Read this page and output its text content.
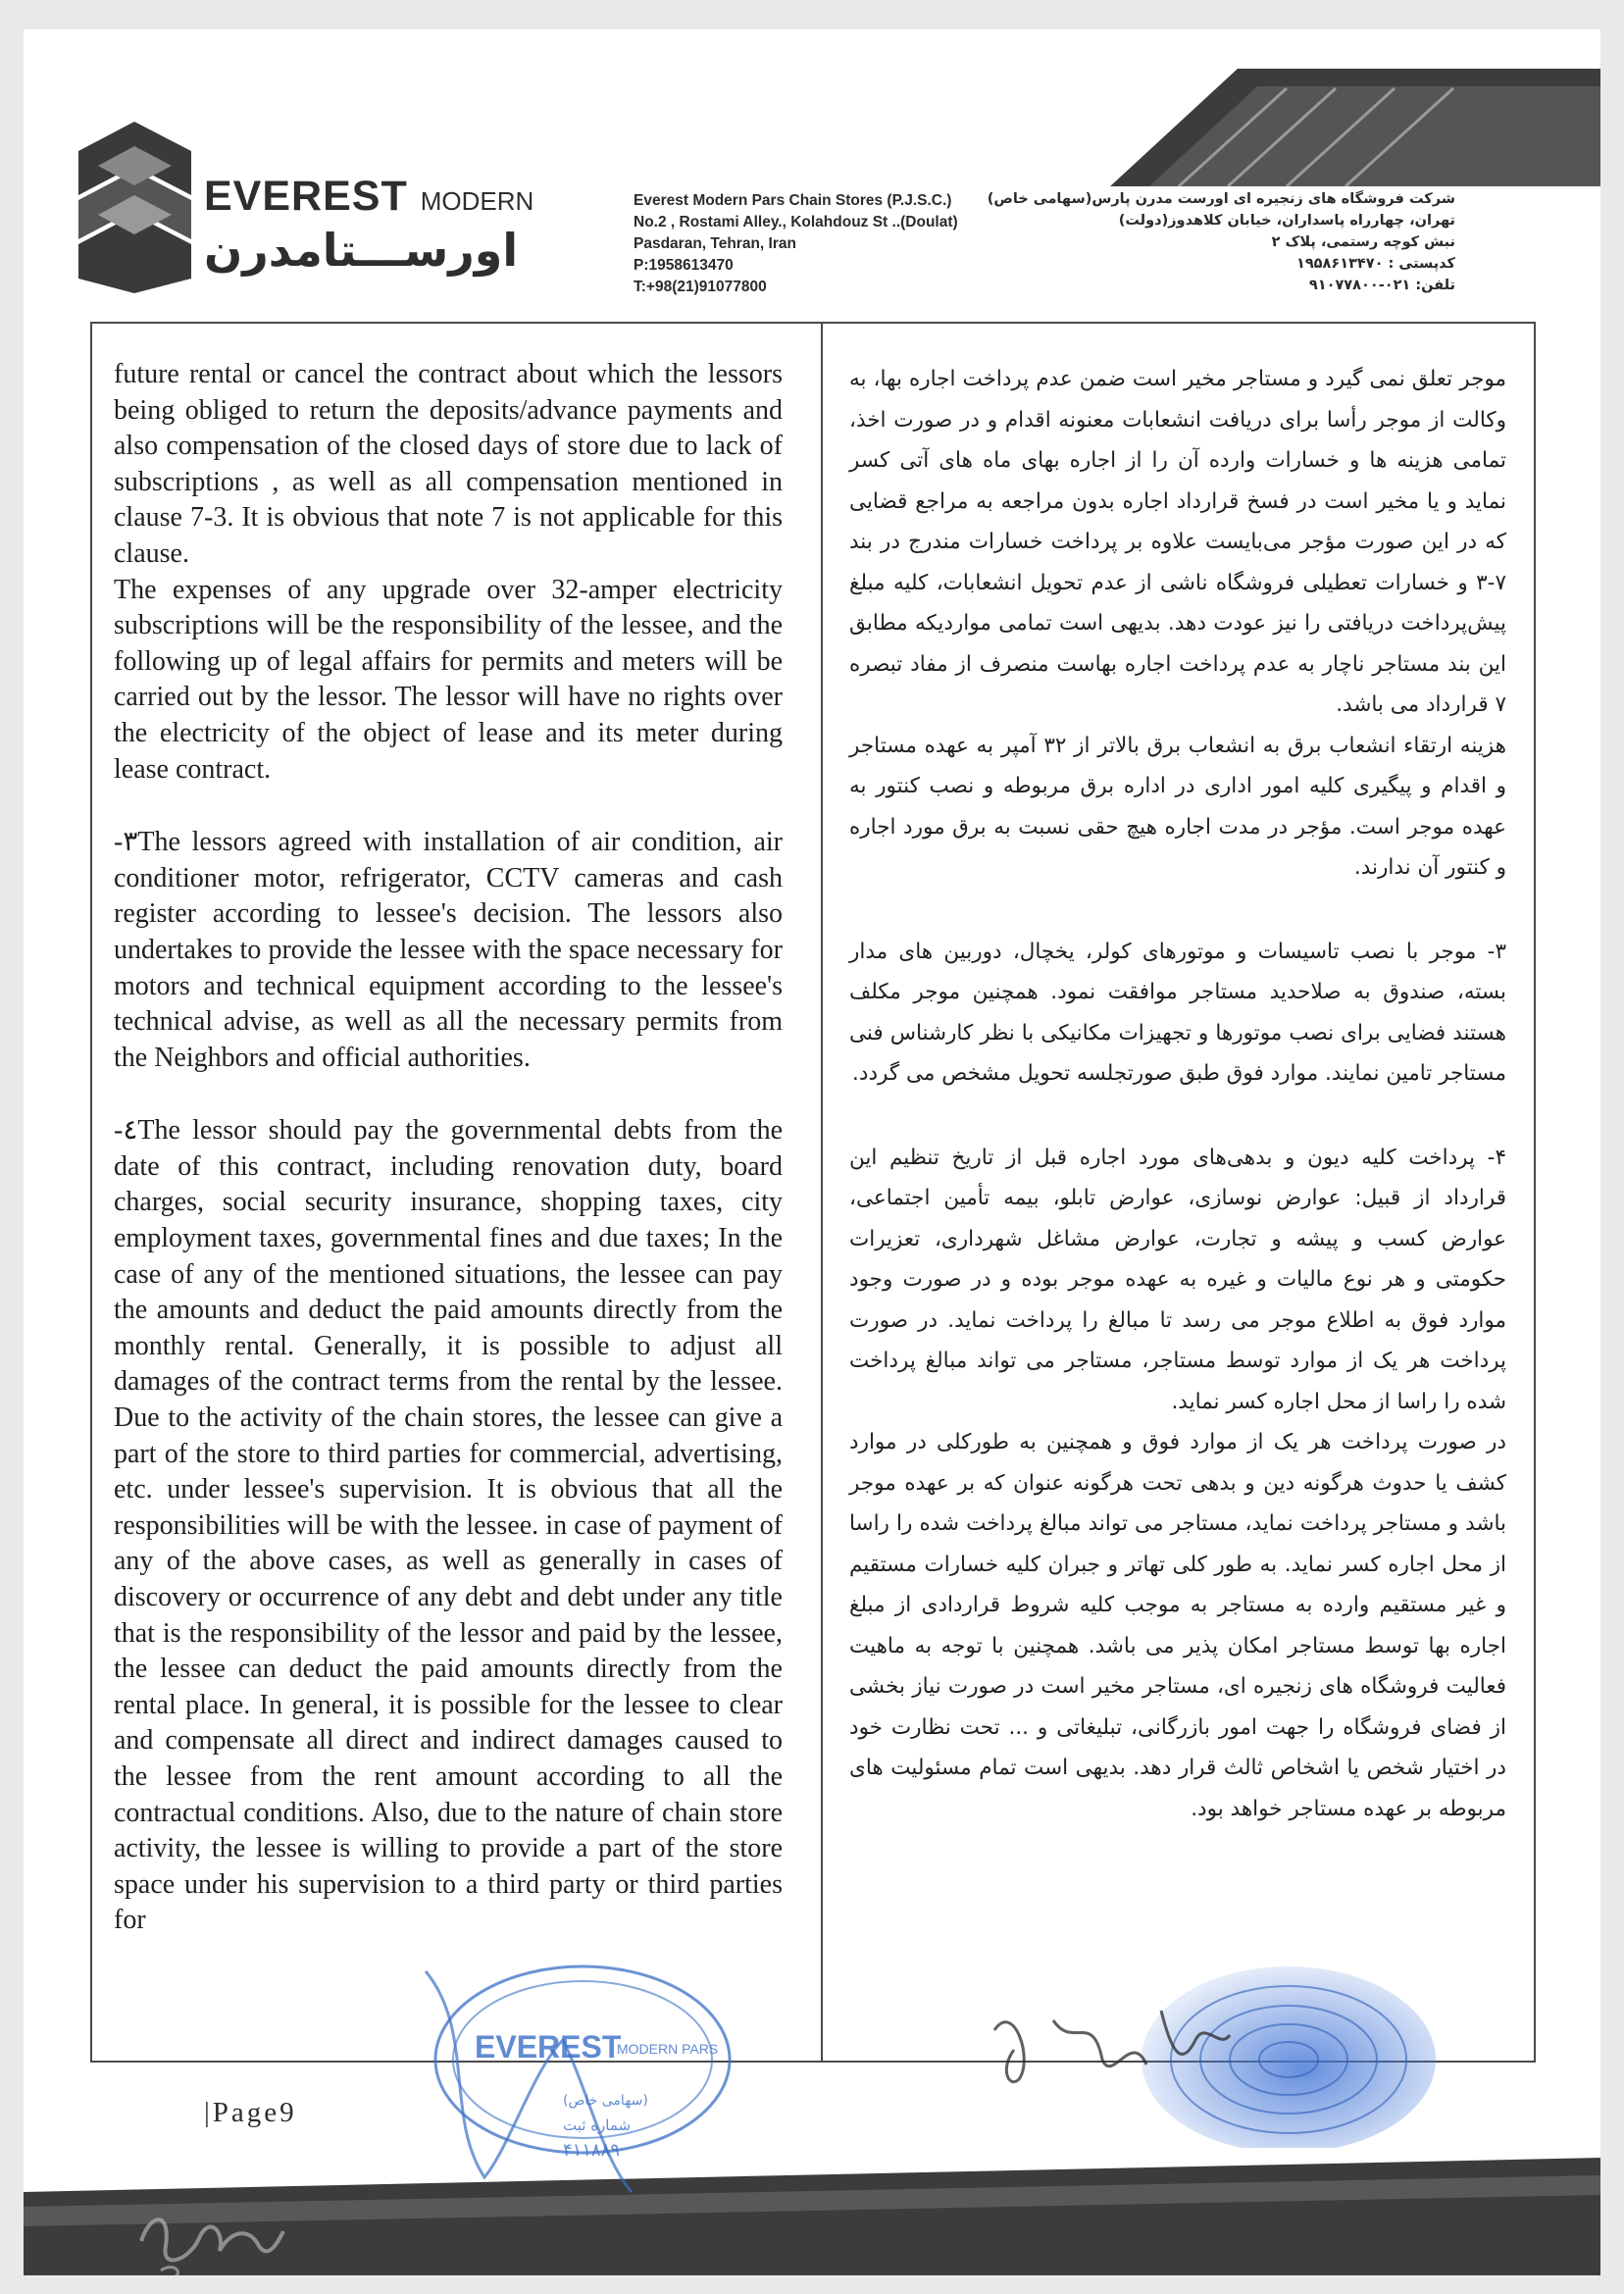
EVEREST MODERN
اورســـتامدرن
Everest Modern Pars Chain Stores (P.J.S.C.)
No.2 , Rostami Alley., Kolahdouz St ..(Doulat)
Pasdaran, Tehran, Iran
P:1958613470
T:+98(21)91077800
شرکت فروشگاه های زنجیره ای اورست مدرن پارس(سهامی خاص)
تهران، چهارراه پاسداران، خیابان کلاهدوز(دولت)
نبش کوچه رستمی، پلاک ۲
کدپستی : ۱۹۵۸۶۱۳۴۷۰
تلفن: ۰۲۱-۹۱۰۷۷۸۰۰

future rental or cancel the contract about which the lessors being obliged to return the deposits/advance payments and also compensation of the closed days of store due to lack of subscriptions , as well as all compensation mentioned in clause 7-3. It is obvious that note 7 is not applicable for this clause.

The expenses of any upgrade over 32-amper electricity subscriptions will be the responsibility of the lessee, and the following up of legal affairs for permits and meters will be carried out by the lessor. The lessor will have no rights over the electricity of the object of lease and its meter during lease contract.

-٣The lessors agreed with installation of air condition, air conditioner motor, refrigerator, CCTV cameras and cash register according to lessee's decision. The lessors also undertakes to provide the lessee with the space necessary for motors and technical equipment according to the lessee's technical advise, as well as all the necessary permits from the Neighbors and official authorities.

-٤The lessor should pay the governmental debts from the date of this contract, including renovation duty, board charges, social security insurance, shopping taxes, city employment taxes, governmental fines and due taxes; In the case of any of the mentioned situations, the lessee can pay the amounts and deduct the paid amounts directly from the monthly rental. Generally, it is possible to adjust all damages of the contract terms from the rental by the lessee. Due to the activity of the chain stores, the lessee can give a part of the store to third parties for commercial, advertising, etc. under lessee's supervision. It is obvious that all the responsibilities will be with the lessee. in case of payment of any of the above cases, as well as generally in cases of discovery or occurrence of any debt and debt under any title that is the responsibility of the lessor and paid by the lessee, the lessee can deduct the paid amounts directly from the rental place. In general, it is possible for the lessee to clear and compensate all direct and indirect damages caused to the lessee from the rent amount according to all the contractual conditions. Also, due to the nature of chain store activity, the lessee is willing to provide a part of the store space under his supervision to a third party or third parties for

موجر تعلق نمی گیرد و مستاجر مخیر است ضمن عدم پرداخت اجاره بها، به وکالت از موجر رأسا برای دریافت انشعابات معنونه اقدام و در صورت اخذ، تمامی هزینه ها و خسارات وارده آن را از اجاره بهای ماه های آتی کسر نماید و یا مخیر است در فسخ قرارداد اجاره بدون مراجعه به مراجع قضایی که در این صورت مؤجر می‌بایست علاوه بر پرداخت خسارات مندرج در بند ۷-۳ و خسارات تعطیلی فروشگاه ناشی از عدم تحویل انشعابات، کلیه مبلغ پیش‌پرداخت دریافتی را نیز عودت دهد. بدیهی است تمامی مواردیکه مطابق این بند مستاجر ناچار به عدم پرداخت اجاره بهاست منصرف از مفاد تبصره ۷ قرارداد می باشد.

هزینه ارتقاء انشعاب برق به انشعاب برق بالاتر از ۳۲ آمپر به عهده مستاجر و اقدام و پیگیری کلیه امور اداری در اداره برق مربوطه و نصب کنتور به عهده موجر است. مؤجر در مدت اجاره هیچ حقی نسبت به برق مورد اجاره و کنتور آن ندارند.

۳- موجر با نصب تاسیسات و موتورهای کولر، یخچال، دوربین های مدار بسته، صندوق به صلاحدید مستاجر موافقت نمود. همچنین موجر مکلف هستند فضایی برای نصب موتورها و تجهیزات مکانیکی با نظر کارشناس فنی مستاجر تامین نمایند. موارد فوق طبق صورتجلسه تحویل مشخص می گردد.

۴- پرداخت کلیه دیون و بدهی‌های مورد اجاره قبل از تاریخ تنظیم این قرارداد از قبیل: عوارض نوسازی، عوارض تابلو، بیمه تأمین اجتماعی، عوارض کسب و پیشه و تجارت، عوارض مشاغل شهرداری، تعزیرات حکومتی و هر نوع مالیات و غیره به عهده موجر بوده و در صورت وجود موارد فوق به اطلاع موجر می رسد تا مبالغ را پرداخت نماید. در صورت پرداخت هر یک از موارد توسط مستاجر، مستاجر می تواند مبالغ پرداخت شده را راسا از محل اجاره کسر نماید.

در صورت پرداخت هر یک از موارد فوق و همچنین به طورکلی در موارد کشف یا حدوث هرگونه دین و بدهی تحت هرگونه عنوان که بر عهده موجر باشد و مستاجر پرداخت نماید، مستاجر می تواند مبالغ پرداخت شده را راسا از محل اجاره کسر نماید. به طور کلی تهاتر و جبران کلیه خسارات مستقیم و غیر مستقیم وارده به مستاجر به موجب کلیه شروط قراردادی از مبلغ اجاره بها توسط مستاجر امکان پذیر می باشد. همچنین با توجه به ماهیت فعالیت فروشگاه های زنجیره ای، مستاجر مخیر است در صورت نیاز بخشی از فضای فروشگاه را جهت امور بازرگانی، تبلیغاتی و ... تحت نظارت خود در اختیار شخص یا اشخاص ثالث قرار دهد. بدیهی است تمام مسئولیت های مربوطه بر عهده مستاجر خواهد بود.

|Page9
EVEREST
MODERN PARS
(سهامی خاص)
شماره ثبت
۴۱۱۸۸۹
